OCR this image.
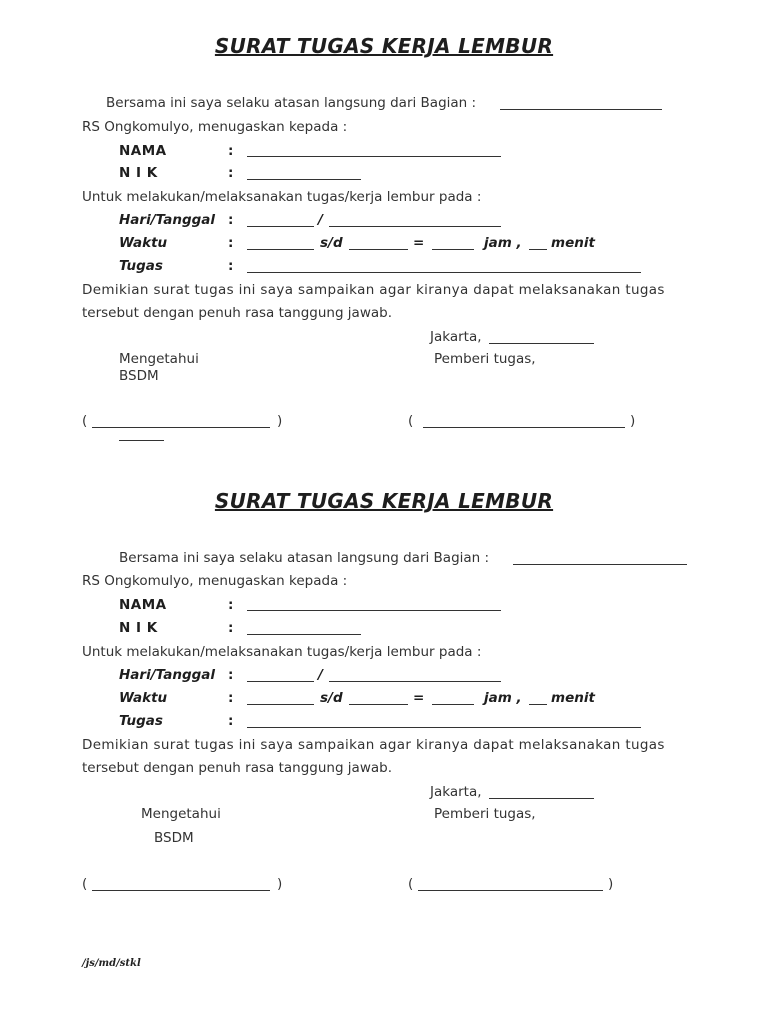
SURAT TUGAS KERJA LEMBUR
Bersama ini saya selaku atasan langsung dari Bagian :
RS Ongkomulyo, menugaskan kepada :
NAMA	:
N I K	:
Untuk melakukan/melaksanakan tugas/kerja lembur pada :
Hari/Tanggal :	/
Waktu	:	s/d	=	jam , menit
Tugas	:
Demikian surat tugas ini saya sampaikan agar kiranya dapat melaksanakan tugas
tersebut dengan penuh rasa tanggung jawab.
Jakarta,
Mengetahui	Pemberi tugas,
BSDM
(	)	(	)
SURAT TUGAS KERJA LEMBUR
Bersama ini saya selaku atasan langsung dari Bagian :
RS Ongkomulyo, menugaskan kepada :
NAMA	:
N I K	:
Untuk melakukan/melaksanakan tugas/kerja lembur pada :
Hari/Tanggal :	/
Waktu	:	s/d	=	jam , menit
Tugas	:
Demikian surat tugas ini saya sampaikan agar kiranya dapat melaksanakan tugas
tersebut dengan penuh rasa tanggung jawab.
Jakarta,
Mengetahui	Pemberi tugas,
BSDM
(	)	(	)
/js/md/stkl
